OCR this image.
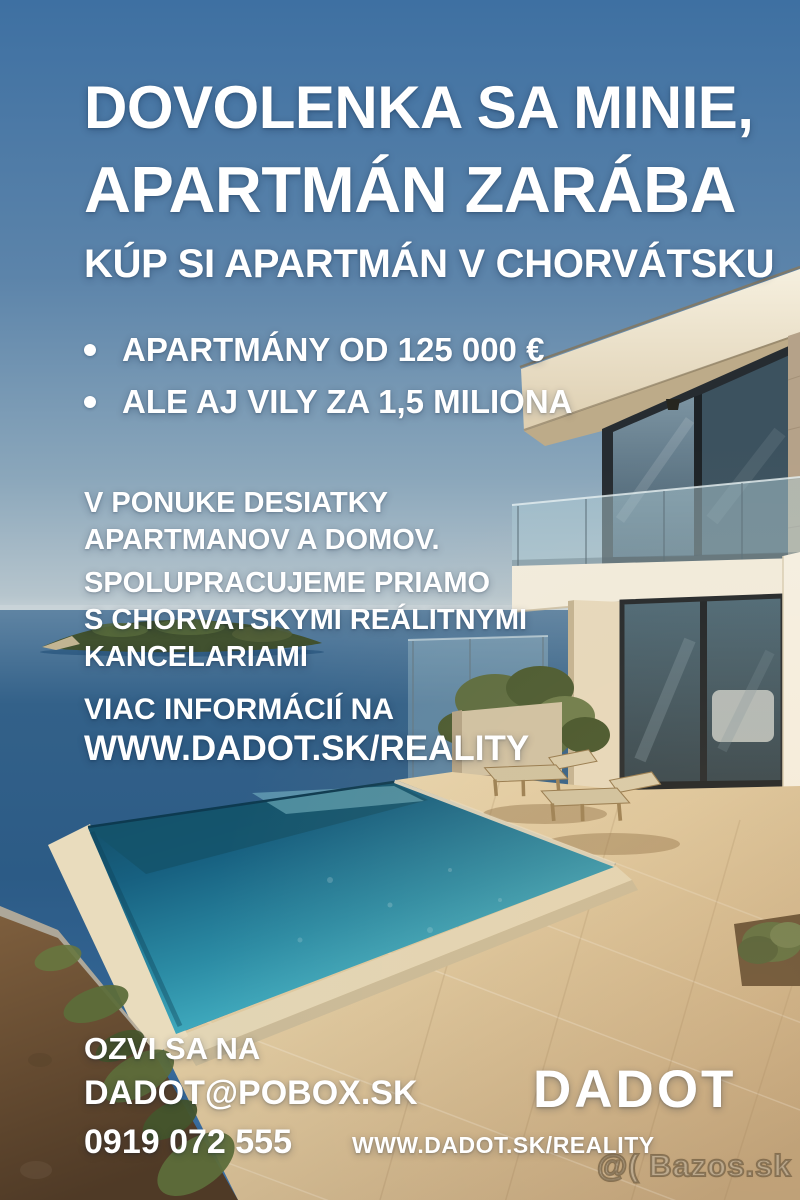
DOVOLENKA SA MINIE,
APARTMÁN ZARÁBA
KÚP SI APARTMÁN V CHORVÁTSKU
APARTMÁNY OD 125 000 €
ALE AJ VILY ZA 1,5 MILIONA
V PONUKE DESIATKY
APARTMANOV A DOMOV.
SPOLUPRACUJEME PRIAMO
S CHORVATSKYMI REÁLITNYMI
KANCELARIAMI
VIAC INFORMÁCIÍ NA
WWW.DADOT.SK/REALITY
OZVI SA NA
DADOT@POBOX.SK
0919 072 555
DADOT
WWW.DADOT.SK/REALITY
@( Bazos.sk
